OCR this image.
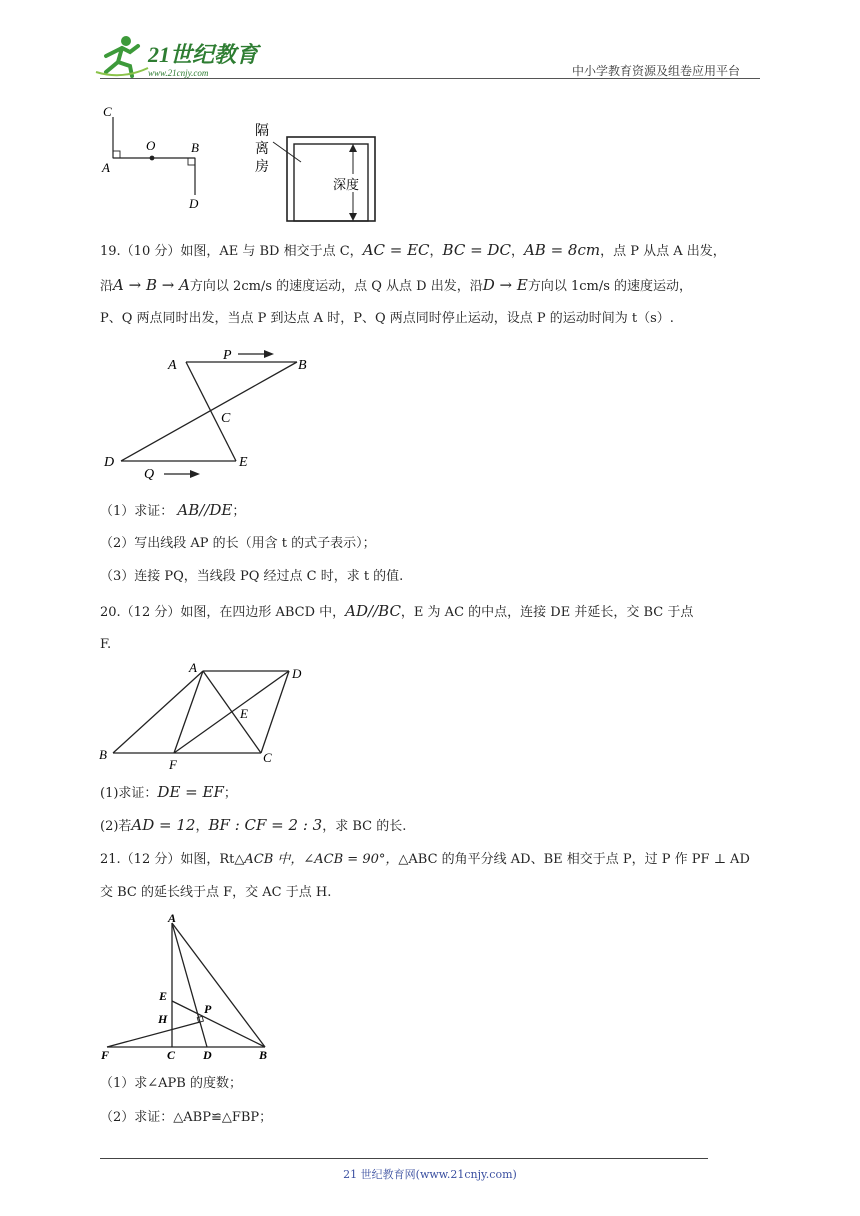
21世纪教育
www.21cnjy.com	中小学教育资源及组卷应用平台
C
A
O	B
D
深度
隔
离
房
19.（10 分）如图，AE 与 BD 相交于点 C，AC = EC，BC = DC，AB = 8cm，点 P 从点 A 出发，
沿A → B → A方向以 2cm/s 的速度运动，点 Q 从点 D 出发，沿D → E方向以 1cm/s 的速度运动，
P、Q 两点同时出发，当点 P 到达点 A 时，P、Q 两点同时停止运动，设点 P 的运动时间为 t（s）.
A
P
B
C
D
Q
E
（1）求证： AB//DE；
（2）写出线段 AP 的长（用含 t 的式子表示）；
（3）连接 PQ，当线段 PQ 经过点 C 时，求 t 的值.
20.（12 分）如图，在四边形 ABCD 中，AD//BC，E 为 AC 的中点，连接 DE 并延长，交 BC 于点
F.
A	D
E
B
F	C
(1)求证：DE = EF；
(2)若AD = 12，BF : CF = 2 : 3，求 BC 的长.
21.（12 分）如图，Rt△ACB 中，∠ACB = 90°，△ABC 的角平分线 AD、BE 相交于点 P，过 P 作 PF ⊥ AD
交 BC 的延长线于点 F，交 AC 于点 H.
A
E
P
H
F	C D	B
（1）求∠APB 的度数；
（2）求证：△ABP≌△FBP；
21 世纪教育网(www.21cnjy.com)
